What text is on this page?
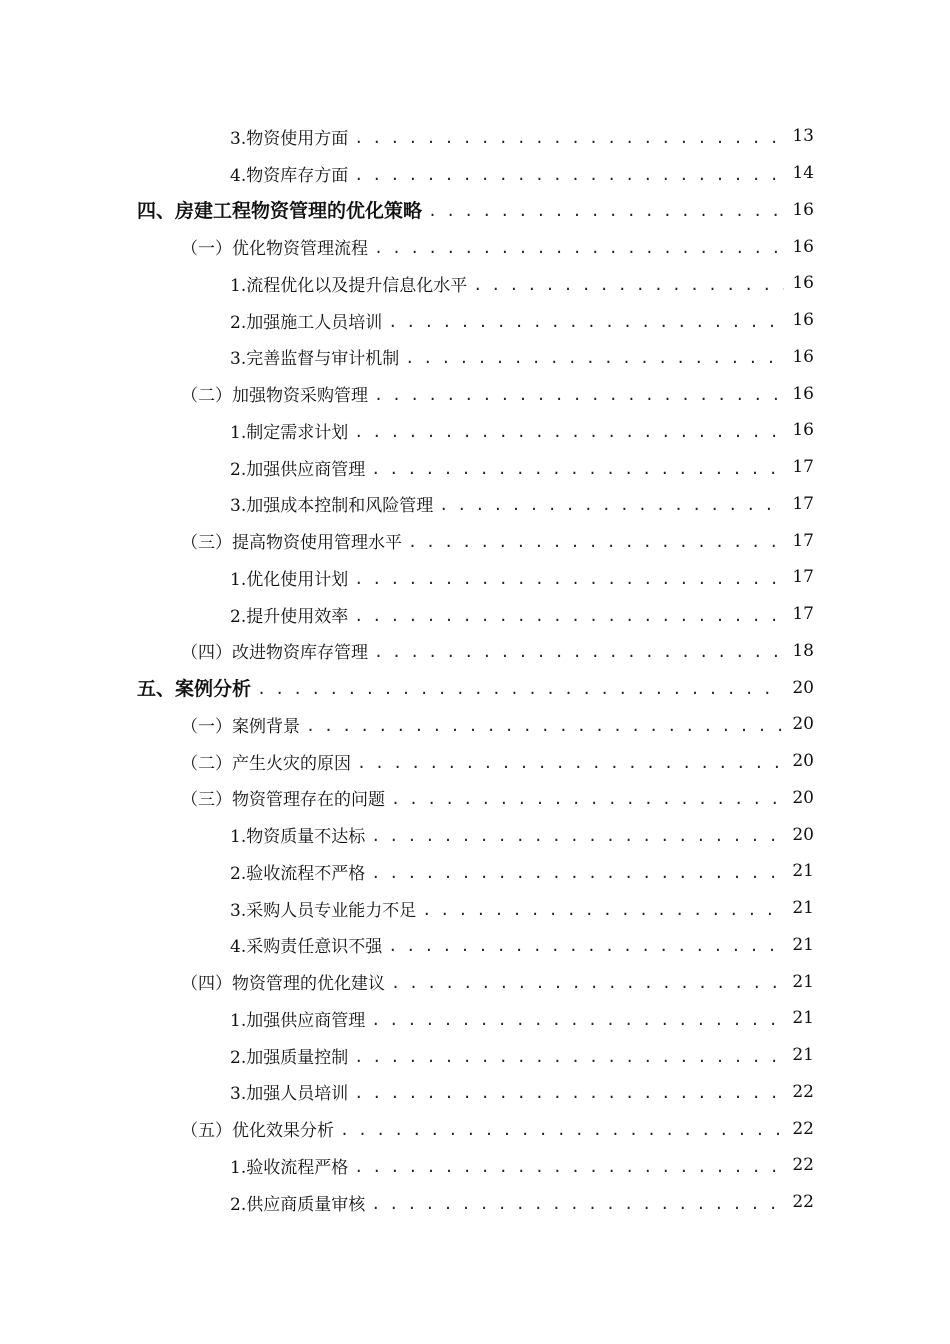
3.物资使用方面 . . .	13
4.物资库存方面 . . .	14
四、房建工程物资管理的优化策略 . . .	16
（一）优化物资管理流程 . . .	16
1.流程优化以及提升信息化水平 . . .	16
2.加强施工人员培训 . . .	16
3.完善监督与审计机制 . . .	16
（二）加强物资采购管理 . . .	16
1.制定需求计划 . . .	16
2.加强供应商管理 . . .	17
3.加强成本控制和风险管理 . . .	17
（三）提高物资使用管理水平 . . .	17
1.优化使用计划 . . .	17
2.提升使用效率 . . .	17
（四）改进物资库存管理 . . .	18
五、案例分析 . . .	20
（一）案例背景 . . .	20
（二）产生火灾的原因 . . .	20
（三）物资管理存在的问题 . . .	20
1.物资质量不达标 . . .	20
2.验收流程不严格 . . .	21
3.采购人员专业能力不足 . . .	21
4.采购责任意识不强 . . .	21
（四）物资管理的优化建议 . . .	21
1.加强供应商管理 . . .	21
2.加强质量控制 . . .	21
3.加强人员培训 . . .	22
（五）优化效果分析 . . .	22
1.验收流程严格 . . .	22
2.供应商质量审核 . . .	22
